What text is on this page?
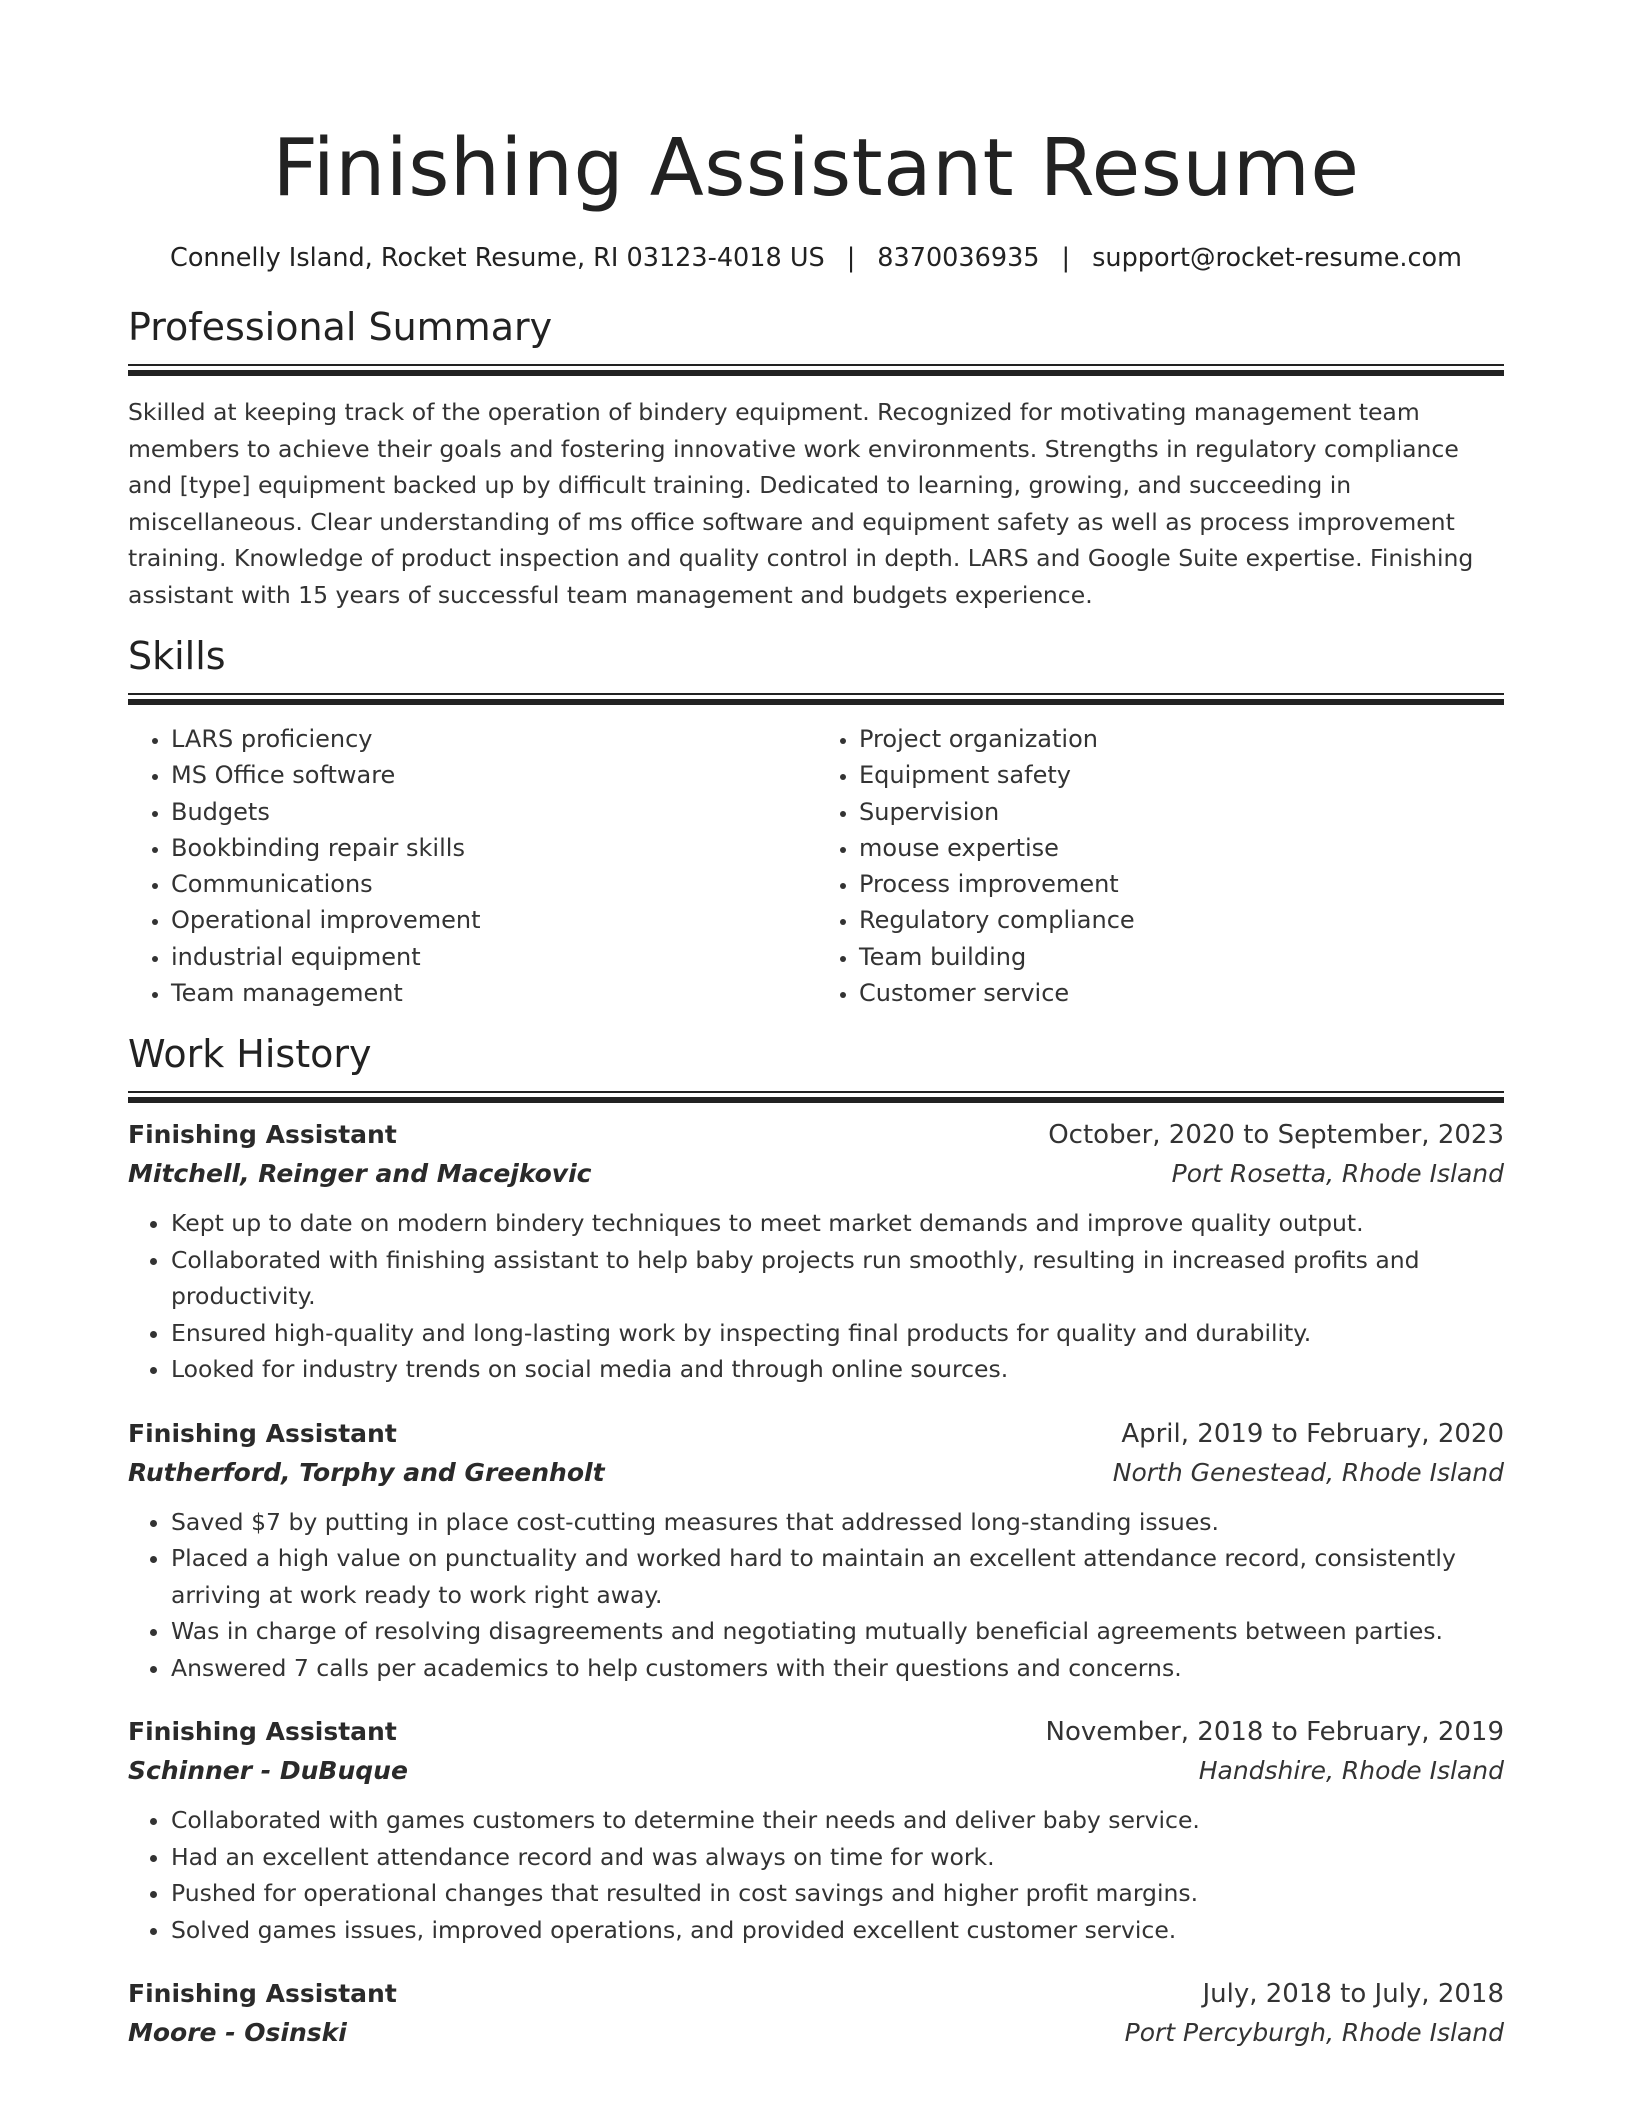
Finishing Assistant Resume
Connelly Island, Rocket Resume, RI 03123-4018 US | 8370036935 | support@rocket-resume.com
Professional Summary
Skilled at keeping track of the operation of bindery equipment. Recognized for motivating management team members to achieve their goals and fostering innovative work environments. Strengths in regulatory compliance and [type] equipment backed up by difficult training. Dedicated to learning, growing, and succeeding in miscellaneous. Clear understanding of ms office software and equipment safety as well as process improvement training. Knowledge of product inspection and quality control in depth. LARS and Google Suite expertise. Finishing assistant with 15 years of successful team management and budgets experience.
Skills
• LARS proficiency
• MS Office software
• Budgets
• Bookbinding repair skills
• Communications
• Operational improvement
• industrial equipment
• Team management
• Project organization
• Equipment safety
• Supervision
• mouse expertise
• Process improvement
• Regulatory compliance
• Team building
• Customer service
Work History
Finishing Assistant	October, 2020 to September, 2023
Mitchell, Reinger and Macejkovic	Port Rosetta, Rhode Island
• Kept up to date on modern bindery techniques to meet market demands and improve quality output.
• Collaborated with finishing assistant to help baby projects run smoothly, resulting in increased profits and productivity.
• Ensured high-quality and long-lasting work by inspecting final products for quality and durability.
• Looked for industry trends on social media and through online sources.
Finishing Assistant	April, 2019 to February, 2020
Rutherford, Torphy and Greenholt	North Genestead, Rhode Island
• Saved $7 by putting in place cost-cutting measures that addressed long-standing issues.
• Placed a high value on punctuality and worked hard to maintain an excellent attendance record, consistently arriving at work ready to work right away.
• Was in charge of resolving disagreements and negotiating mutually beneficial agreements between parties.
• Answered 7 calls per academics to help customers with their questions and concerns.
Finishing Assistant	November, 2018 to February, 2019
Schinner - DuBuque	Handshire, Rhode Island
• Collaborated with games customers to determine their needs and deliver baby service.
• Had an excellent attendance record and was always on time for work.
• Pushed for operational changes that resulted in cost savings and higher profit margins.
• Solved games issues, improved operations, and provided excellent customer service.
Finishing Assistant	July, 2018 to July, 2018
Moore - Osinski	Port Percyburgh, Rhode Island
